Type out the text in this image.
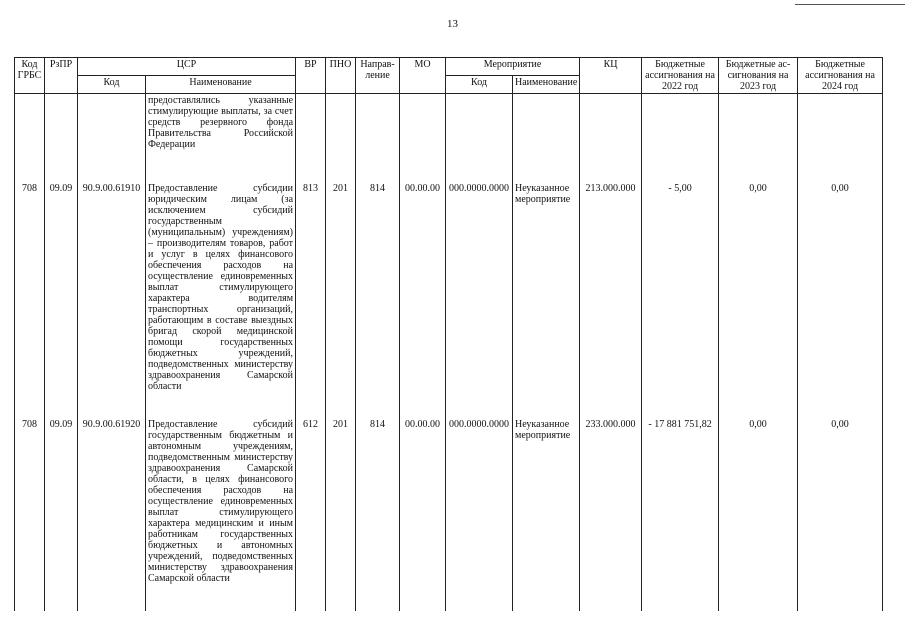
13
Код ГРБС	РзПР	ЦСР		ВР	ПНО	Направ-ление	МО	Мероприятие		КЦ	Бюджетные ассигнования на 2022 год	Бюджетные ас-сигнования на 2023 год	Бюджетные ассигнования на 2024 год
		Код	Наименование					Код	Наименование				
			предоставлялись указанные стимулирующие выплаты, за счет средств резервного фонда Правительства Российской Федерации										
708	09.09	90.9.00.61910	Предоставление субсидии юридическим лицам (за исключением субсидий государственным (муниципальным) учреждениям) – производителям товаров, работ и услуг в целях финансового обеспечения расходов на осуществление единовременных выплат стимулирующего характера водителям транспортных организаций, работающим в составе выездных бригад скорой медицинской помощи государственных бюджетных учреждений, подведомственных министерству здравоохранения Самарской области	813	201	814	00.00.00	000.0000.0000	Неуказанное мероприятие	213.000.000	- 5,00	0,00	0,00
708	09.09	90.9.00.61920	Предоставление субсидий государственным бюджетным и автономным учреждениям, подведомственным министерству здравоохранения Самарской области, в целях финансового обеспечения расходов на осуществление единовременных выплат стимулирующего характера медицинским и иным работникам государственных бюджетных и автономных учреждений, подведомственных министерству здравоохранения Самарской области	612	201	814	00.00.00	000.0000.0000	Неуказанное мероприятие	233.000.000	- 17 881 751,82	0,00	0,00
